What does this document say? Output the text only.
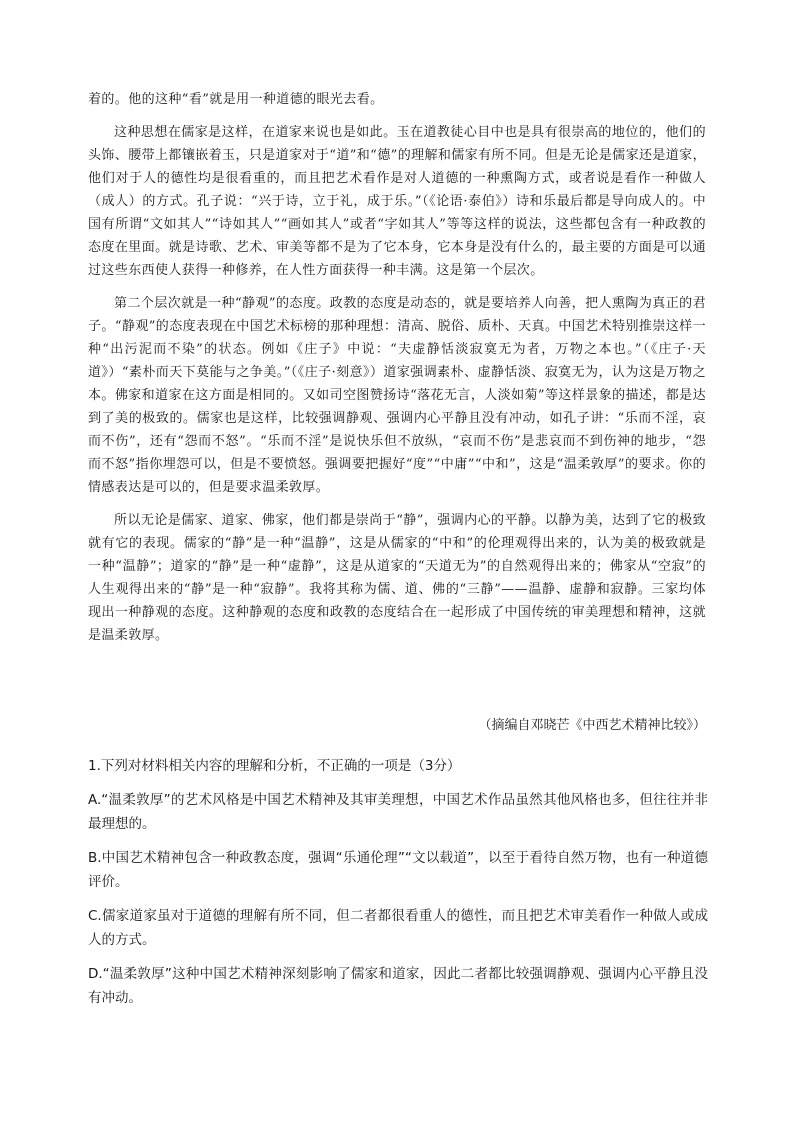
着的。他的这种“看”就是用一种道德的眼光去看。

这种思想在儒家是这样，在道家来说也是如此。玉在道教徒心目中也是具有很崇高的地位的，他们的头饰、腰带上都镶嵌着玉，只是道家对于“道”和“德”的理解和儒家有所不同。但是无论是儒家还是道家，他们对于人的德性均是很看重的，而且把艺术看作是对人道德的一种熏陶方式，或者说是看作一种做人（成人）的方式。孔子说：“兴于诗，立于礼，成于乐。”（《论语·泰伯》）诗和乐最后都是导向成人的。中国有所谓“文如其人”“诗如其人”“画如其人”或者“字如其人”等等这样的说法，这些都包含有一种政教的态度在里面。就是诗歌、艺术、审美等都不是为了它本身，它本身是没有什么的，最主要的方面是可以通过这些东西使人获得一种修养，在人性方面获得一种丰满。这是第一个层次。

第二个层次就是一种“静观”的态度。政教的态度是动态的，就是要培养人向善，把人熏陶为真正的君子。“静观”的态度表现在中国艺术标榜的那种理想：清高、脱俗、质朴、天真。中国艺术特别推崇这样一种“出污泥而不染”的状态。例如《庄子》中说：“夫虚静恬淡寂寞无为者，万物之本也。”（《庄子·天道》）“素朴而天下莫能与之争美。”（《庄子·刻意》）道家强调素朴、虚静恬淡、寂寞无为，认为这是万物之本。佛家和道家在这方面是相同的。又如司空图赞扬诗“落花无言，人淡如菊”等这样景象的描述，都是达到了美的极致的。儒家也是这样，比较强调静观、强调内心平静且没有冲动，如孔子讲：“乐而不淫，哀而不伤”，还有“怨而不怒”。“乐而不淫”是说快乐但不放纵，“哀而不伤”是悲哀而不到伤神的地步，“怨而不怒”指你埋怨可以，但是不要愤怒。强调要把握好“度”“中庸”“中和”，这是“温柔敦厚”的要求。你的情感表达是可以的，但是要求温柔敦厚。

所以无论是儒家、道家、佛家，他们都是崇尚于“静”，强调内心的平静。以静为美，达到了它的极致就有它的表现。儒家的“静”是一种“温静”，这是从儒家的“中和”的伦理观得出来的，认为美的极致就是一种“温静”；道家的“静”是一种“虚静”，这是从道家的“天道无为”的自然观得出来的；佛家从“空寂”的人生观得出来的“静”是一种“寂静”。我将其称为儒、道、佛的“三静”——温静、虚静和寂静。三家均体现出一种静观的态度。这种静观的态度和政教的态度结合在一起形成了中国传统的审美理想和精神，这就是温柔敦厚。

（摘编自邓晓芒《中西艺术精神比较》）

1.下列对材料相关内容的理解和分析，不正确的一项是（3分）

A.“温柔敦厚”的艺术风格是中国艺术精神及其审美理想，中国艺术作品虽然其他风格也多，但往往并非最理想的。

B.中国艺术精神包含一种政教态度，强调“乐通伦理”“文以载道”，以至于看待自然万物，也有一种道德评价。

C.儒家道家虽对于道德的理解有所不同，但二者都很看重人的德性，而且把艺术审美看作一种做人或成人的方式。

D.“温柔敦厚”这种中国艺术精神深刻影响了儒家和道家，因此二者都比较强调静观、强调内心平静且没有冲动。
